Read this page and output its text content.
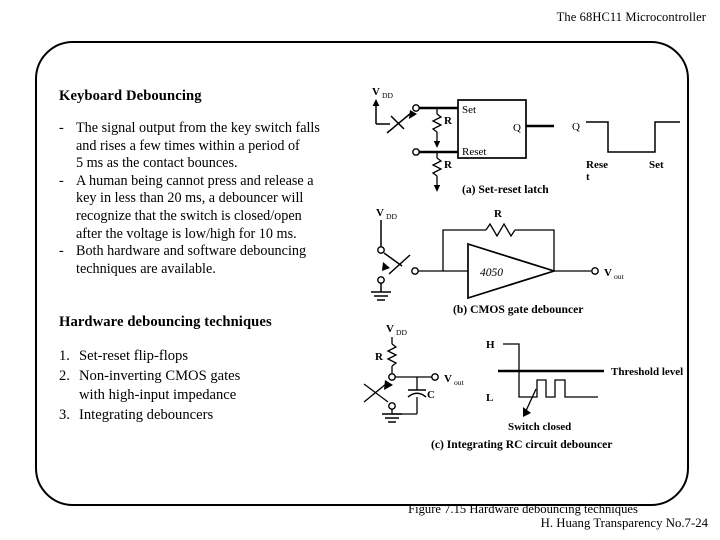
The 68HC11 Microcontroller

Keyboard Debouncing

- The signal output from the key switch falls
and rises a few times within a period of
5 ms as the contact bounces.
- A human being cannot press and release a
key in less than 20 ms, a debouncer will
recognize that the switch is closed/open
after the voltage is low/high for 10 ms.
- Both hardware and software debouncing
techniques are available.

Hardware debouncing techniques

1. Set-reset flip-flops
2. Non-inverting CMOS gates
with high-input impedance
3. Integrating debouncers
V DD
R
R
Set
Reset
Q	Q
Rese
t
Set
(a) Set-reset latch
V DD	R
4050	V out
(b) CMOS gate debouncer
V DD
R
V out
C
H
L
Threshold level
Switch closed
(c) Integrating RC circuit debouncer
Figure 7.15 Hardware debouncing techniques
H. Huang Transparency No.7-24
